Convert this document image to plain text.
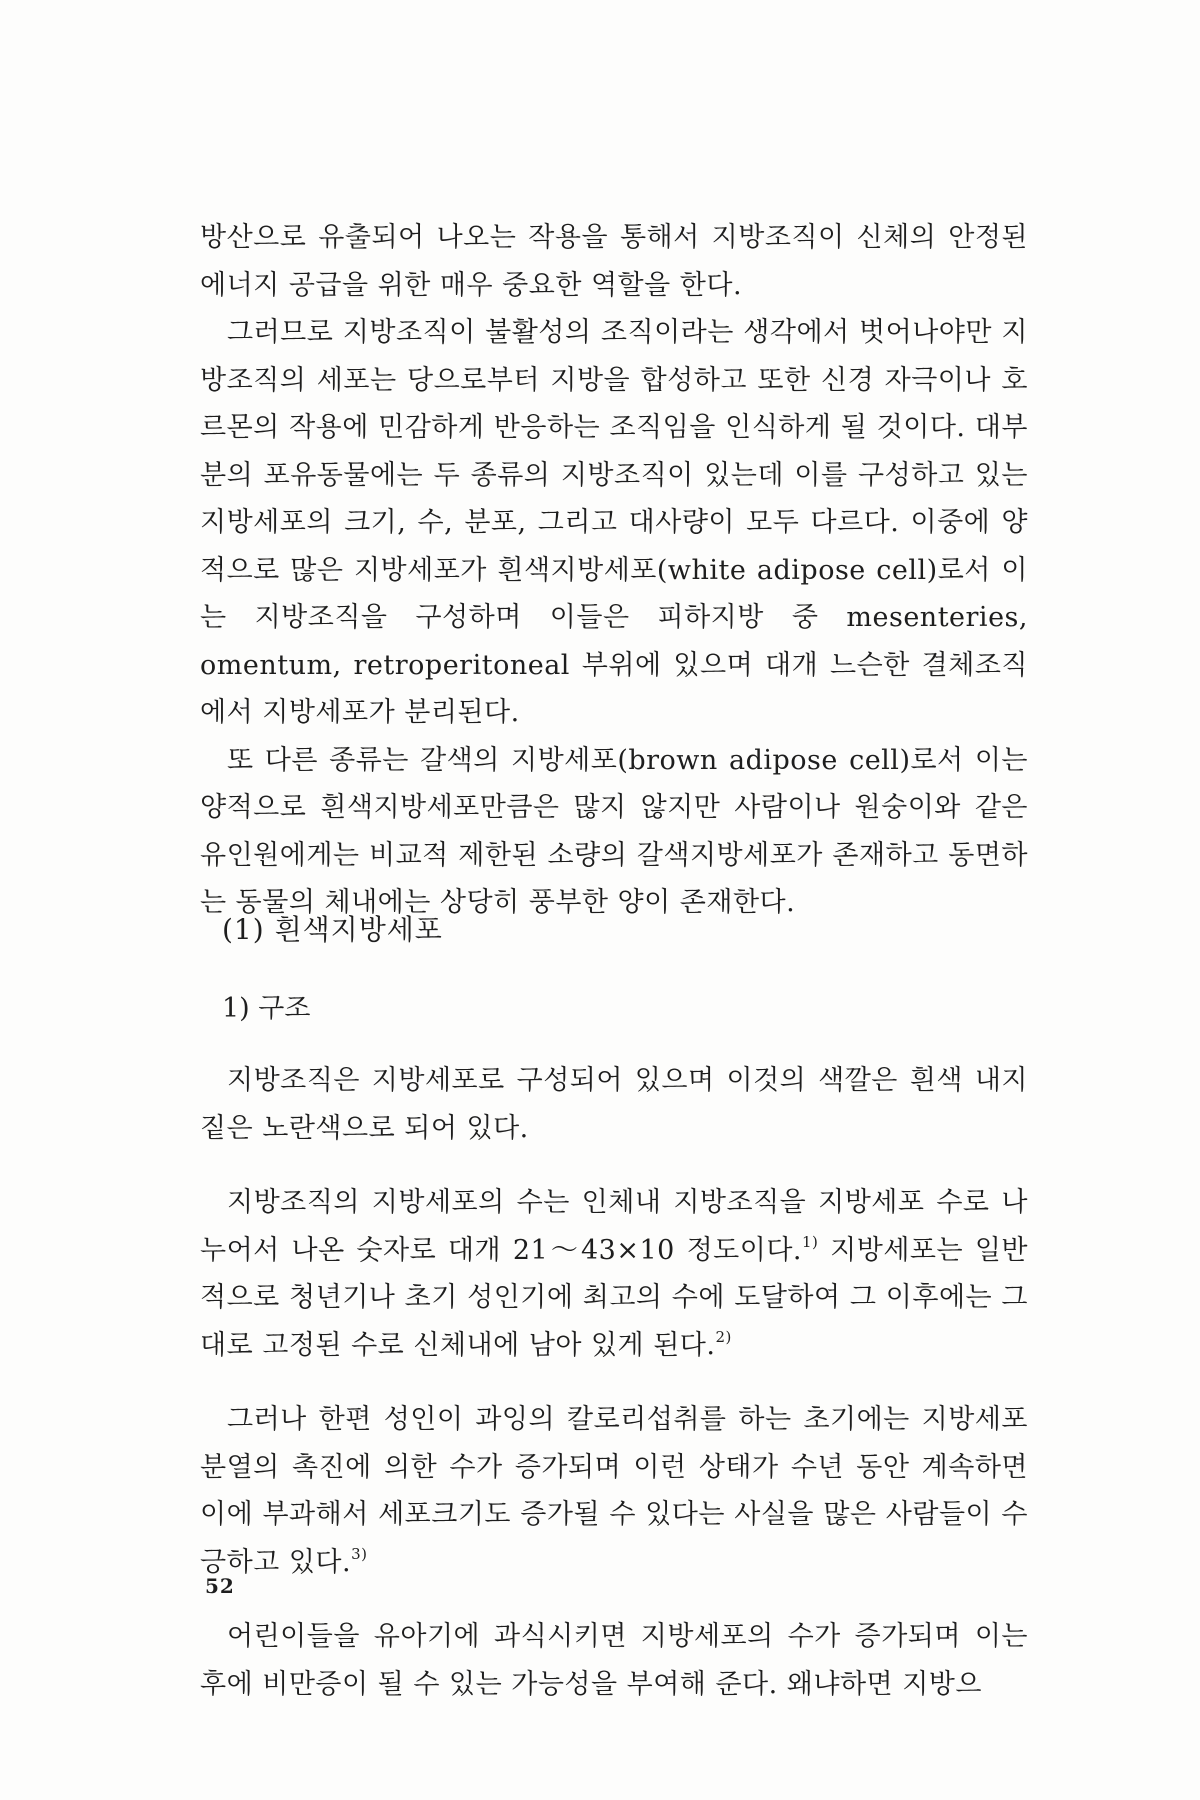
방산으로 유출되어 나오는 작용을 통해서 지방조직이 신체의 안정된 에너지 공급을 위한 매우 중요한 역할을 한다.

그러므로 지방조직이 불활성의 조직이라는 생각에서 벗어나야만 지방조직의 세포는 당으로부터 지방을 합성하고 또한 신경 자극이나 호르몬의 작용에 민감하게 반응하는 조직임을 인식하게 될 것이다. 대부분의 포유동물에는 두 종류의 지방조직이 있는데 이를 구성하고 있는 지방세포의 크기, 수, 분포, 그리고 대사량이 모두 다르다. 이중에 양적으로 많은 지방세포가 흰색지방세포(white adipose cell)로서 이는 지방조직을 구성하며 이들은 피하지방 중 mesenteries, omentum, retroperitoneal 부위에 있으며 대개 느슨한 결체조직에서 지방세포가 분리된다.

또 다른 종류는 갈색의 지방세포(brown adipose cell)로서 이는 양적으로 흰색지방세포만큼은 많지 않지만 사람이나 원숭이와 같은 유인원에게는 비교적 제한된 소량의 갈색지방세포가 존재하고 동면하는 동물의 체내에는 상당히 풍부한 양이 존재한다.

(1) 흰색지방세포
1) 구조

지방조직은 지방세포로 구성되어 있으며 이것의 색깔은 흰색 내지 짙은 노란색으로 되어 있다.

지방조직의 지방세포의 수는 인체내 지방조직을 지방세포 수로 나누어서 나온 숫자로 대개 21～43×10 정도이다.$^{1)}$ 지방세포는 일반적으로 청년기나 초기 성인기에 최고의 수에 도달하여 그 이후에는 그대로 고정된 수로 신체내에 남아 있게 된다.$^{2)}$

그러나 한편 성인이 과잉의 칼로리섭취를 하는 초기에는 지방세포분열의 촉진에 의한 수가 증가되며 이런 상태가 수년 동안 계속하면 이에 부과해서 세포크기도 증가될 수 있다는 사실을 많은 사람들이 수긍하고 있다.$^{3)}$

어린이들을 유아기에 과식시키면 지방세포의 수가 증가되며 이는 후에 비만증이 될 수 있는 가능성을 부여해 준다. 왜냐하면 지방으

52
